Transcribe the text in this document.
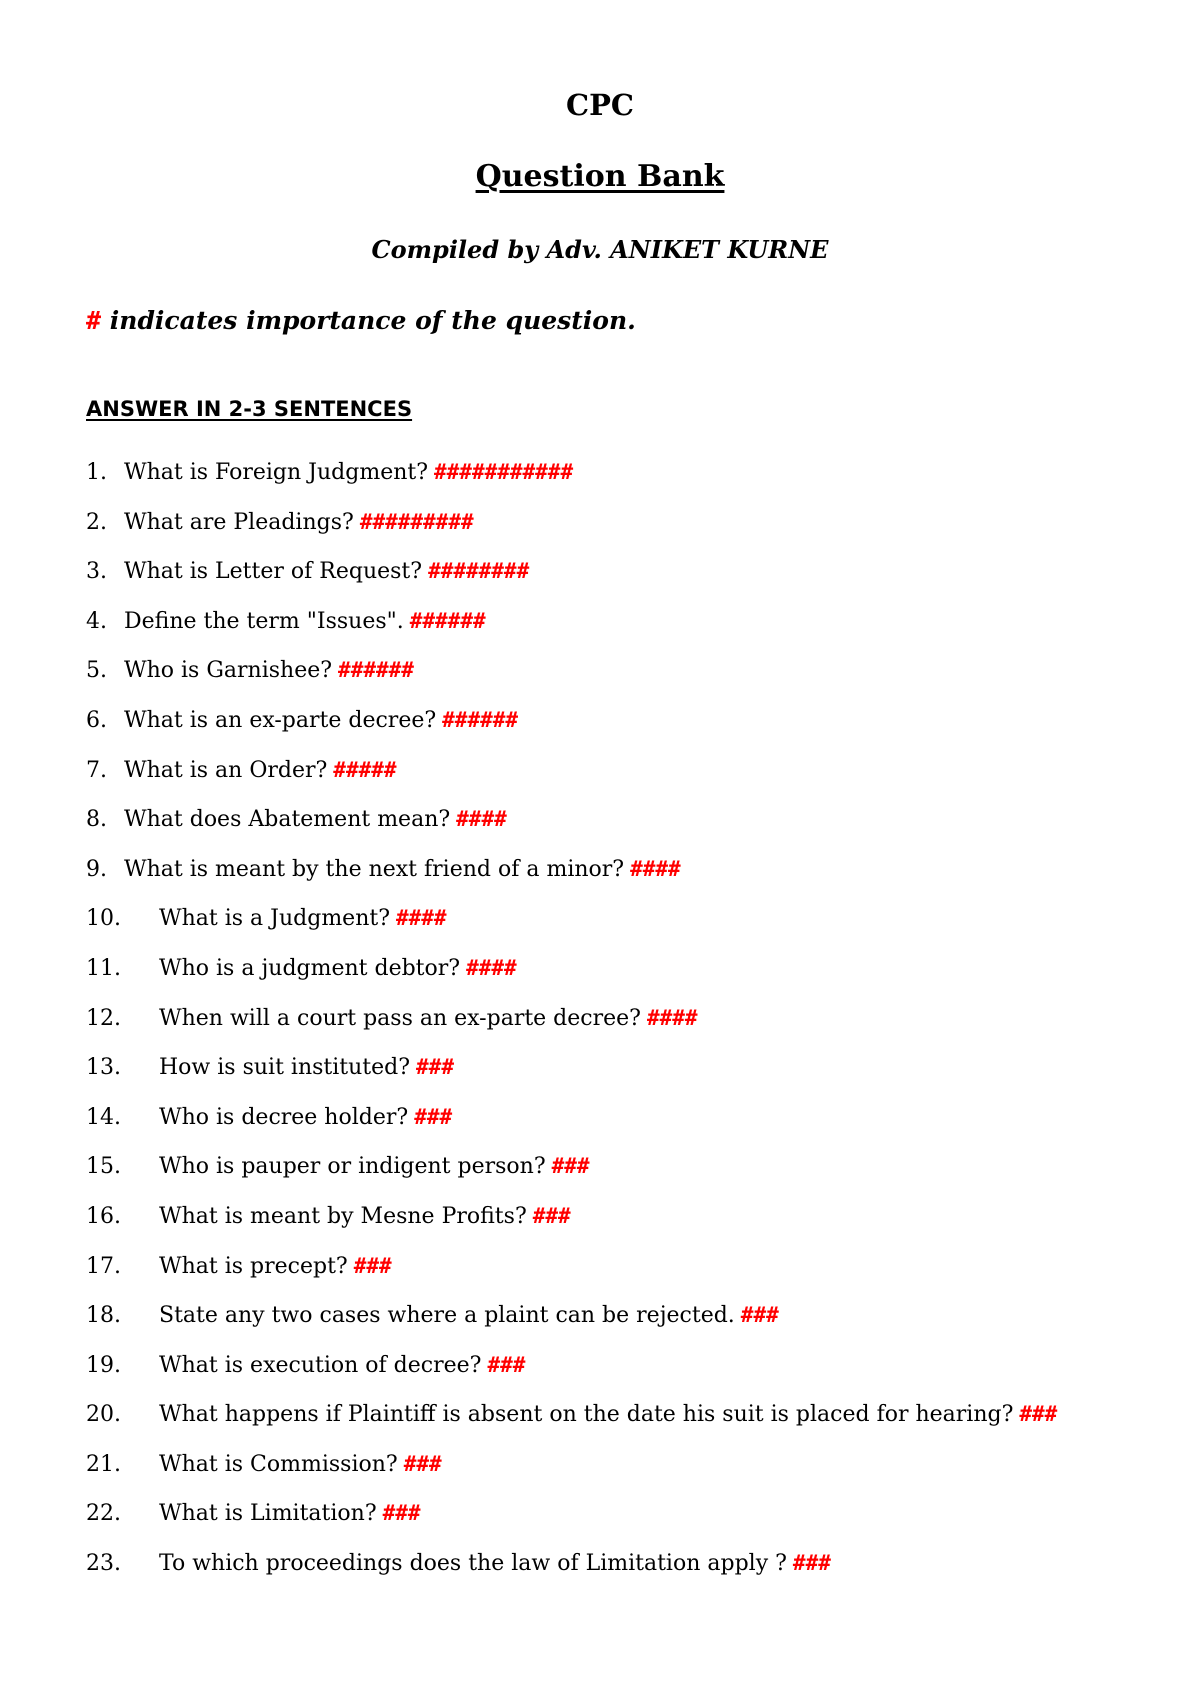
CPC
Question Bank
Compiled by Adv. ANIKET KURNE
# indicates importance of the question.
ANSWER IN 2-3 SENTENCES
1. What is Foreign Judgment? ###########
2. What are Pleadings? #########
3. What is Letter of Request? ########
4. Define the term "Issues". ######
5. Who is Garnishee? ######
6. What is an ex-parte decree? ######
7. What is an Order? #####
8. What does Abatement mean? ####
9. What is meant by the next friend of a minor? ####
10. What is a Judgment? ####
11. Who is a judgment debtor? ####
12. When will a court pass an ex-parte decree? ####
13. How is suit instituted? ###
14. Who is decree holder? ###
15. Who is pauper or indigent person? ###
16. What is meant by Mesne Profits? ###
17. What is precept? ###
18. State any two cases where a plaint can be rejected. ###
19. What is execution of decree? ###
20. What happens if Plaintiff is absent on the date his suit is placed for hearing? ###
21. What is Commission? ###
22. What is Limitation? ###
23. To which proceedings does the law of Limitation apply ? ###
